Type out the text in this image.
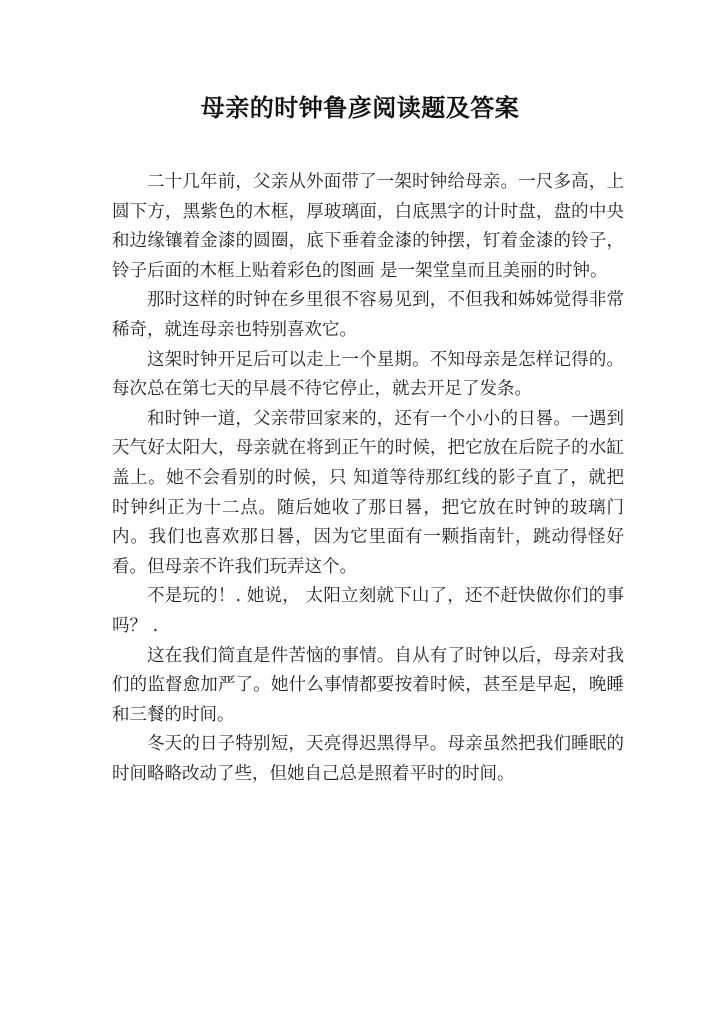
母亲的时钟鲁彦阅读题及答案

二十几年前，父亲从外面带了一架时钟给母亲。一尺多高，上圆下方，黑紫色的木框，厚玻璃面，白底黑字的计时盘，盘的中央和边缘镶着金漆的圆圈，底下垂着金漆的钟摆，钉着金漆的铃子，铃子后面的木框上贴着彩色的图画 是一架堂皇而且美丽的时钟。

那时这样的时钟在乡里很不容易见到，不但我和姊姊觉得非常稀奇，就连母亲也特别喜欢它。

这架时钟开足后可以走上一个星期。不知母亲是怎样记得的。每次总在第七天的早晨不待它停止，就去开足了发条。

和时钟一道，父亲带回家来的，还有一个小小的日晷。一遇到天气好太阳大，母亲就在将到正午的时候，把它放在后院子的水缸盖上。她不会看别的时候，只 知道等待那红线的影子直了，就把时钟纠正为十二点。随后她收了那日晷，把它放在时钟的玻璃门内。我们也喜欢那日晷，因为它里面有一颗指南针，跳动得怪好 看。但母亲不许我们玩弄这个。

不是玩的！. 她说， 太阳立刻就下山了，还不赶快做你们的事吗？ .

这在我们简直是件苦恼的事情。自从有了时钟以后，母亲对我们的监督愈加严了。她什么事情都要按着时候，甚至是早起，晚睡和三餐的时间。

冬天的日子特别短，天亮得迟黑得早。母亲虽然把我们睡眠的时间略略改动了些，但她自己总是照着平时的时间。
